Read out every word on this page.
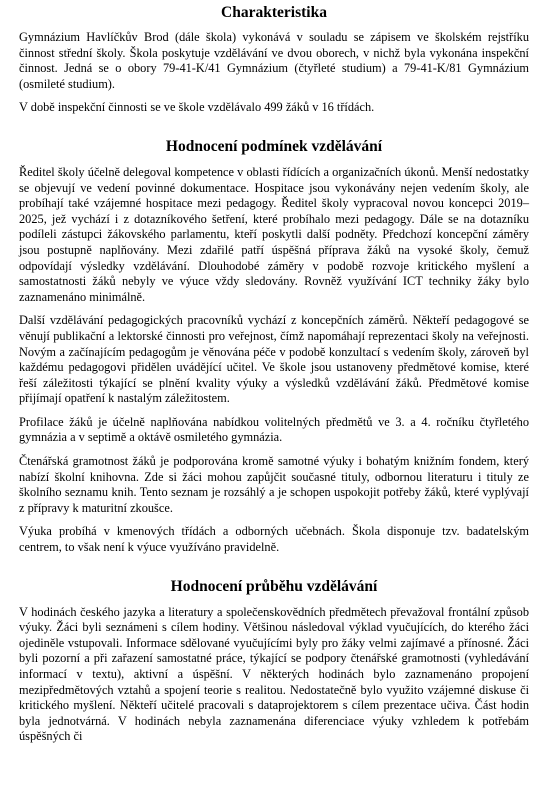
Charakteristika

Gymnázium Havlíčkův Brod (dále škola) vykonává v souladu se zápisem ve školském rejstříku činnost střední školy. Škola poskytuje vzdělávání ve dvou oborech, v nichž byla vykonána inspekční činnost. Jedná se o obory 79-41-K/41 Gymnázium (čtyřleté studium) a 79-41-K/81 Gymnázium (osmileté studium).

V době inspekční činnosti se ve škole vzdělávalo 499 žáků v 16 třídách.

Hodnocení podmínek vzdělávání

Ředitel školy účelně delegoval kompetence v oblasti řídících a organizačních úkonů. Menší nedostatky se objevují ve vedení povinné dokumentace. Hospitace jsou vykonávány nejen vedením školy, ale probíhají také vzájemné hospitace mezi pedagogy. Ředitel školy vypracoval novou koncepci 2019–2025, jež vychází i z dotazníkového šetření, které probíhalo mezi pedagogy. Dále se na dotazníku podíleli zástupci žákovského parlamentu, kteří poskytli další podněty. Předchozí koncepční záměry jsou postupně naplňovány. Mezi zdařilé patří úspěšná příprava žáků na vysoké školy, čemuž odpovídají výsledky vzdělávání. Dlouhodobé záměry v podobě rozvoje kritického myšlení a samostatnosti žáků nebyly ve výuce vždy sledovány. Rovněž využívání ICT techniky žáky bylo zaznamenáno minimálně.

Další vzdělávání pedagogických pracovníků vychází z koncepčních záměrů. Někteří pedagogové se věnují publikační a lektorské činnosti pro veřejnost, čímž napomáhají reprezentaci školy na veřejnosti. Novým a začínajícím pedagogům je věnována péče v podobě konzultací s vedením školy, zároveň byl každému pedagogovi přidělen uvádějící učitel. Ve škole jsou ustanoveny předmětové komise, které řeší záležitosti týkající se plnění kvality výuky a výsledků vzdělávání žáků. Předmětové komise přijímají opatření k nastalým záležitostem.

Profilace žáků je účelně naplňována nabídkou volitelných předmětů ve 3. a 4. ročníku čtyřletého gymnázia a v septimě a oktávě osmiletého gymnázia.

Čtenářská gramotnost žáků je podporována kromě samotné výuky i bohatým knižním fondem, který nabízí školní knihovna. Zde si žáci mohou zapůjčit současné tituly, odbornou literaturu i tituly ze školního seznamu knih. Tento seznam je rozsáhlý a je schopen uspokojit potřeby žáků, které vyplývají z přípravy k maturitní zkoušce.

Výuka probíhá v kmenových třídách a odborných učebnách. Škola disponuje tzv. badatelským centrem, to však není k výuce využíváno pravidelně.

Hodnocení průběhu vzdělávání

V hodinách českého jazyka a literatury a společenskovědních předmětech převažoval frontální způsob výuky. Žáci byli seznámeni s cílem hodiny. Většinou následoval výklad vyučujících, do kterého žáci ojediněle vstupovali. Informace sdělované vyučujícími byly pro žáky velmi zajímavé a přínosné. Žáci byli pozorní a při zařazení samostatné práce, týkající se podpory čtenářské gramotnosti (vyhledávání informací v textu), aktivní a úspěšní. V některých hodinách bylo zaznamenáno propojení mezipředmětových vztahů a spojení teorie s realitou. Nedostatečně bylo využito vzájemné diskuse či kritického myšlení. Někteří učitelé pracovali s dataprojektorem s cílem prezentace učiva. Část hodin byla jednotvárná. V hodinách nebyla zaznamenána diferenciace výuky vzhledem k potřebám úspěšných či
